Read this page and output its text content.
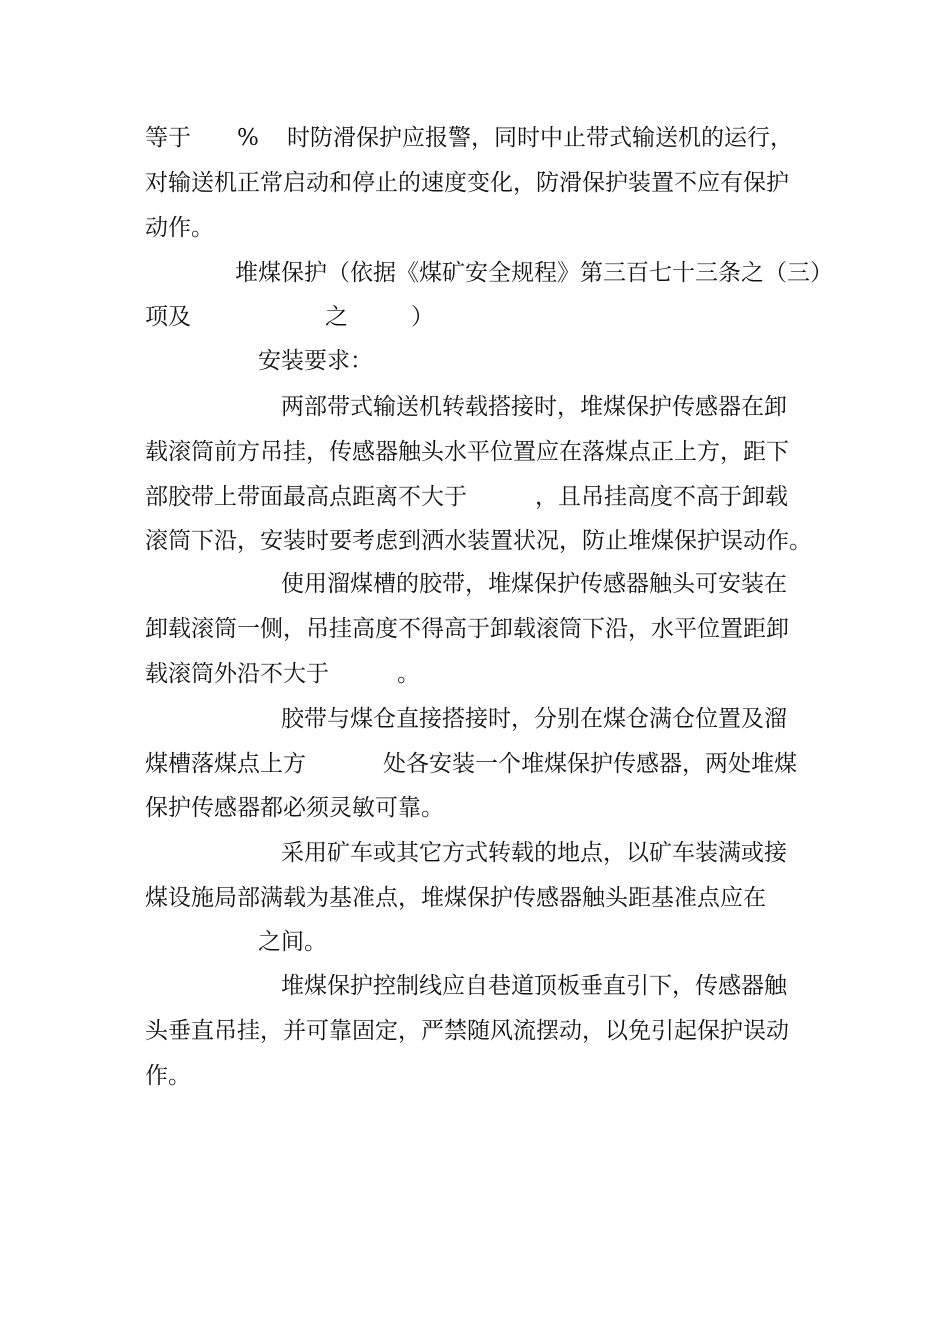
等于 % 时防滑保护应报警，同时中止带式输送机的运行，
对输送机正常启动和停止的速度变化，防滑保护装置不应有保护
动作。
堆煤保护（依据《煤矿安全规程》第三百七十三条之（三）
项及	之	）
安装要求：
两部带式输送机转载搭接时，堆煤保护传感器在卸
载滚筒前方吊挂，传感器触头水平位置应在落煤点正上方，距下
部胶带上带面最高点距离不大于	，且吊挂高度不高于卸载
滚筒下沿，安装时要考虑到洒水装置状况，防止堆煤保护误动作。
使用溜煤槽的胶带，堆煤保护传感器触头可安装在
卸载滚筒一侧，吊挂高度不得高于卸载滚筒下沿，水平位置距卸
载滚筒外沿不大于	。
胶带与煤仓直接搭接时，分别在煤仓满仓位置及溜
煤槽落煤点上方	处各安装一个堆煤保护传感器，两处堆煤
保护传感器都必须灵敏可靠。
采用矿车或其它方式转载的地点，以矿车装满或接
煤设施局部满载为基准点，堆煤保护传感器触头距基准点应在
之间。
堆煤保护控制线应自巷道顶板垂直引下，传感器触
头垂直吊挂，并可靠固定，严禁随风流摆动，以免引起保护误动
作。
